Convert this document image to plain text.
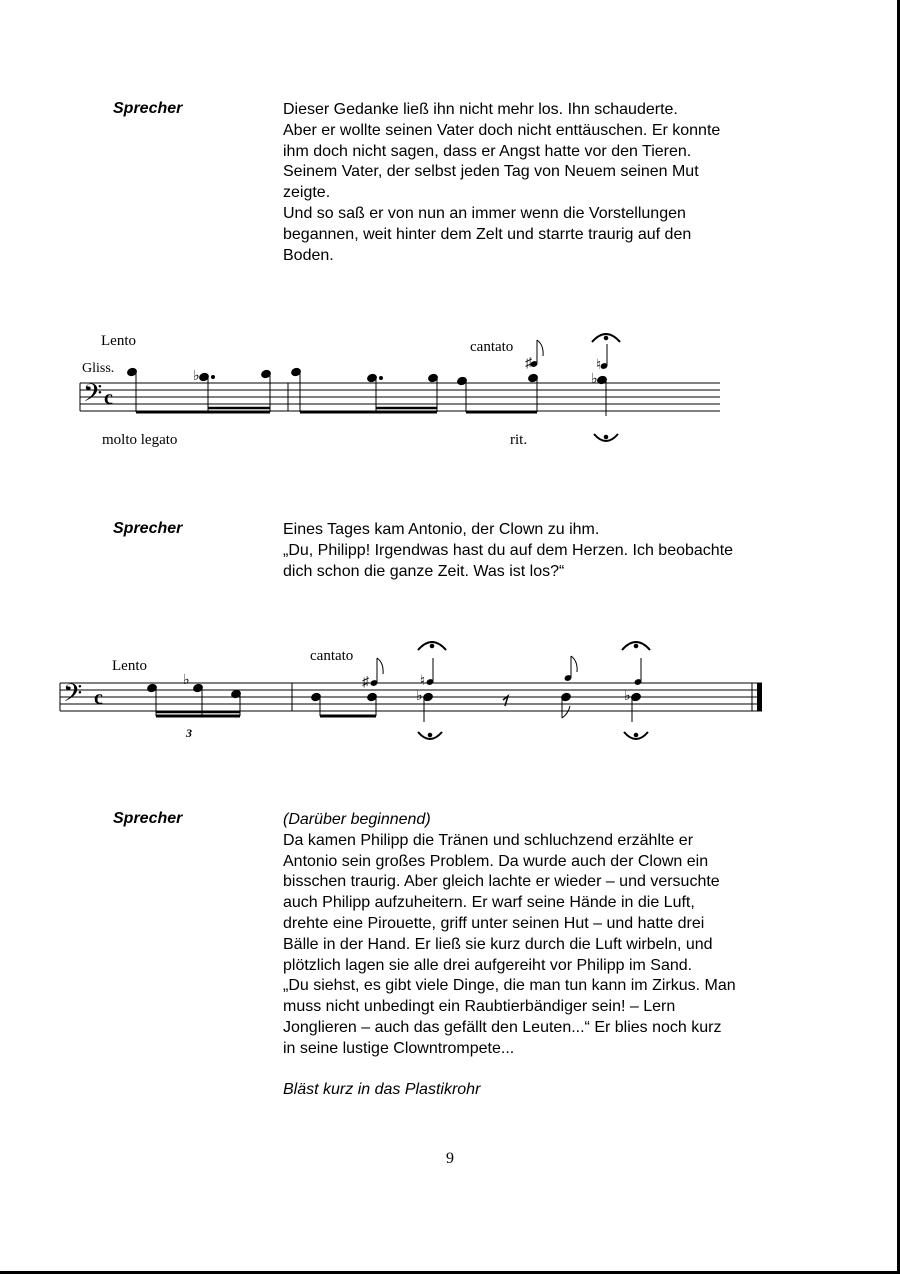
Sprecher	Dieser Gedanke ließ ihn nicht mehr los. Ihn schauderte.

Aber er wollte seinen Vater doch nicht enttäuschen. Er konnte

ihm doch nicht sagen, dass er Angst hatte vor den Tieren.

Seinem Vater, der selbst jeden Tag von Neuem seinen Mut

zeigte.

Und so saß er von nun an immer wenn die Vorstellungen

begannen, weit hinter dem Zelt und starrte traurig auf den

Boden.

𝄢 c
Lento
Gliss.
cantato
molto legato	rit.
♭
♯
♭
♮
Sprecher	Eines Tages kam Antonio, der Clown zu ihm.

„Du, Philipp! Irgendwas hast du auf dem Herzen. Ich beobachte

dich schon die ganze Zeit. Was ist los?“

𝄢 c
Lento
cantato
3
♭	♯
♭
♮
♭
Sprecher	(Darüber beginnend)

Da kamen Philipp die Tränen und schluchzend erzählte er

Antonio sein großes Problem. Da wurde auch der Clown ein

bisschen traurig. Aber gleich lachte er wieder – und versuchte

auch Philipp aufzuheitern. Er warf seine Hände in die Luft,

drehte eine Pirouette, griff unter seinen Hut – und hatte drei

Bälle in der Hand. Er ließ sie kurz durch die Luft wirbeln, und

plötzlich lagen sie alle drei aufgereiht vor Philipp im Sand.

„Du siehst, es gibt viele Dinge, die man tun kann im Zirkus. Man

muss nicht unbedingt ein Raubtierbändiger sein! – Lern

Jonglieren – auch das gefällt den Leuten...“ Er blies noch kurz

in seine lustige Clowntrompete...

Bläst kurz in das Plastikrohr

9
